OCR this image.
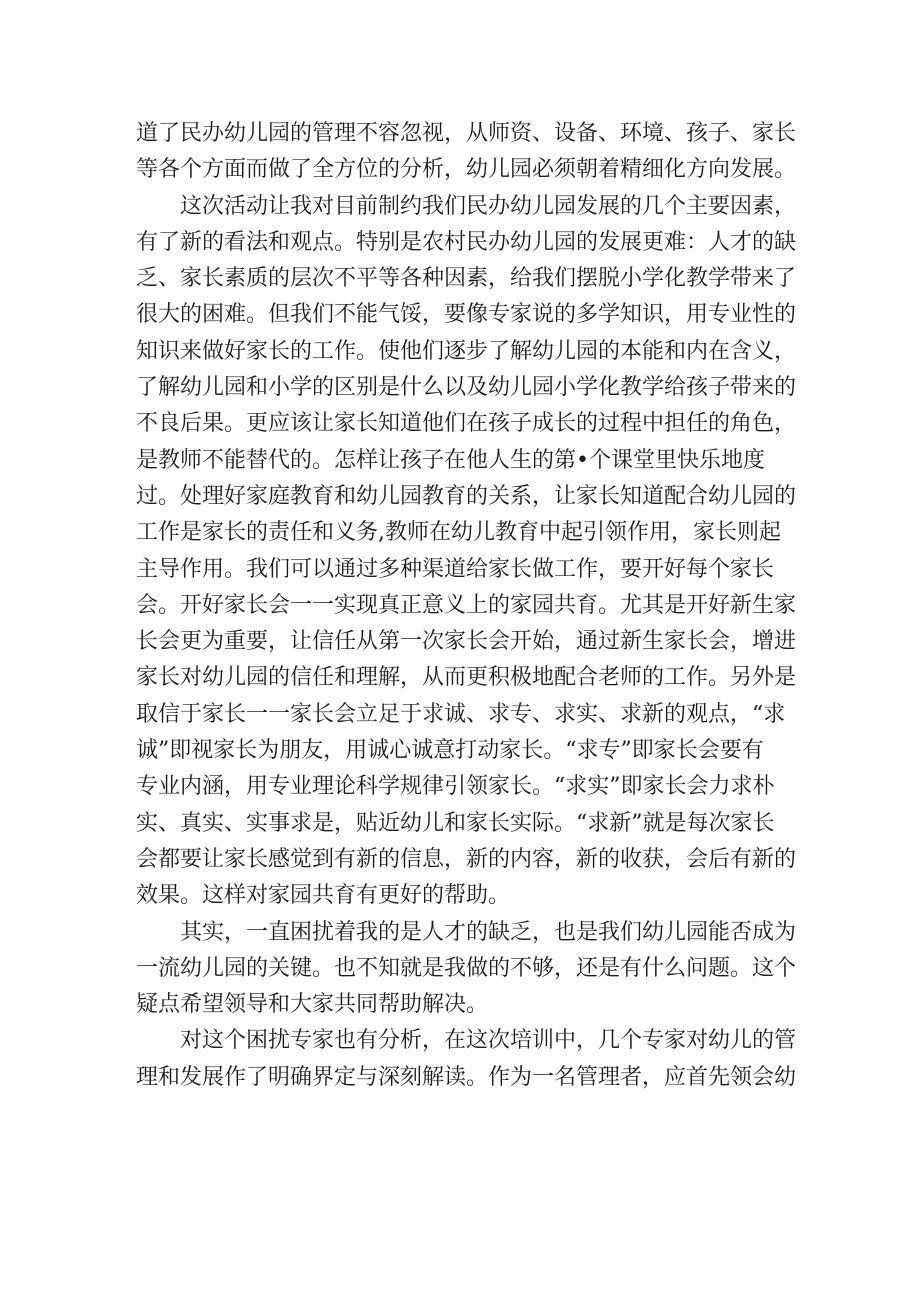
道了民办幼儿园的管理不容忽视，从师资、设备、环境、孩子、家长
等各个方面而做了全方位的分析，幼儿园必须朝着精细化方向发展。
　　这次活动让我对目前制约我们民办幼儿园发展的几个主要因素，
有了新的看法和观点。特别是农村民办幼儿园的发展更难：人才的缺
乏、家长素质的层次不平等各种因素，给我们摆脱小学化教学带来了
很大的困难。但我们不能气馁，要像专家说的多学知识，用专业性的
知识来做好家长的工作。使他们逐步了解幼儿园的本能和内在含义，
了解幼儿园和小学的区别是什么以及幼儿园小学化教学给孩子带来的
不良后果。更应该让家长知道他们在孩子成长的过程中担任的角色，
是教师不能替代的。怎样让孩子在他人生的第•个课堂里快乐地度
过。处理好家庭教育和幼儿园教育的关系，让家长知道配合幼儿园的
工作是家长的责任和义务,教师在幼儿教育中起引领作用，家长则起
主导作用。我们可以通过多种渠道给家长做工作，要开好每个家长
会。开好家长会一一实现真正意义上的家园共育。尤其是开好新生家
长会更为重要，让信任从第一次家长会开始，通过新生家长会，增进
家长对幼儿园的信任和理解，从而更积极地配合老师的工作。另外是
取信于家长一一家长会立足于求诚、求专、求实、求新的观点，“求
诚”即视家长为朋友，用诚心诚意打动家长。“求专”即家长会要有
专业内涵，用专业理论科学规律引领家长。“求实”即家长会力求朴
实、真实、实事求是，贴近幼儿和家长实际。“求新”就是每次家长
会都要让家长感觉到有新的信息，新的内容，新的收获，会后有新的
效果。这样对家园共育有更好的帮助。
　　其实，一直困扰着我的是人才的缺乏，也是我们幼儿园能否成为
一流幼儿园的关键。也不知就是我做的不够，还是有什么问题。这个
疑点希望领导和大家共同帮助解决。
　　对这个困扰专家也有分析，在这次培训中，几个专家对幼儿的管
理和发展作了明确界定与深刻解读。作为一名管理者，应首先领会幼
